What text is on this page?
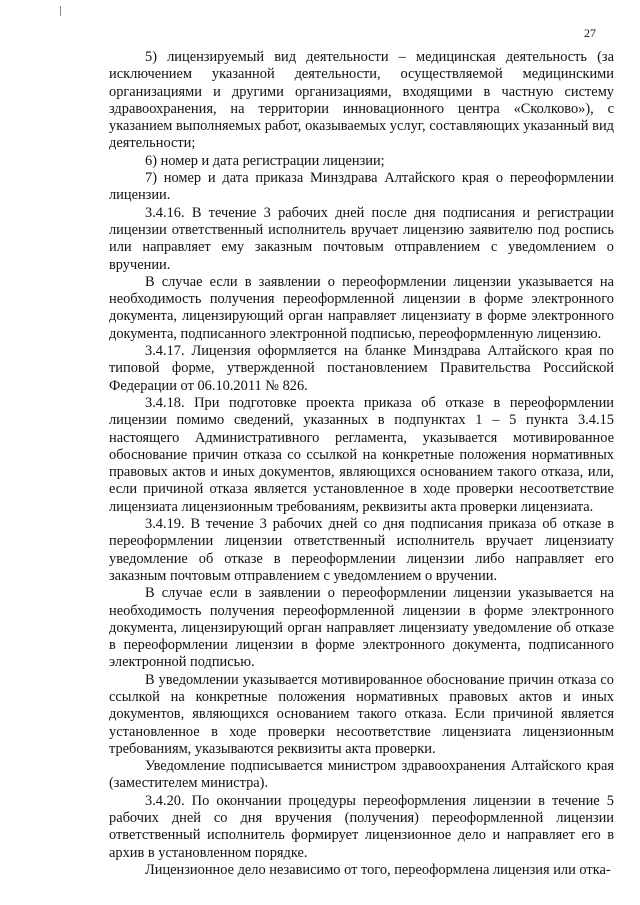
27

5) лицензируемый вид деятельности – медицинская деятельность (за исключением указанной деятельности, осуществляемой медицинскими организациями и другими организациями, входящими в частную систему здравоохранения, на территории инновационного центра «Сколково»), с указанием выполняемых работ, оказываемых услуг, составляющих указанный вид деятельности;

6) номер и дата регистрации лицензии;

7) номер и дата приказа Минздрава Алтайского края о переоформлении лицензии.

3.4.16. В течение 3 рабочих дней после дня подписания и регистрации лицензии ответственный исполнитель вручает лицензию заявителю под роспись или направляет ему заказным почтовым отправлением с уведомлением о вручении.

В случае если в заявлении о переоформлении лицензии указывается на необходимость получения переоформленной лицензии в форме электронного документа, лицензирующий орган направляет лицензиату в форме электронного документа, подписанного электронной подписью, переоформленную лицензию.

3.4.17. Лицензия оформляется на бланке Минздрава Алтайского края по типовой форме, утвержденной постановлением Правительства Российской Федерации от 06.10.2011 № 826.

3.4.18. При подготовке проекта приказа об отказе в переоформлении лицензии помимо сведений, указанных в подпунктах 1 – 5 пункта 3.4.15 настоящего Административного регламента, указывается мотивированное обоснование причин отказа со ссылкой на конкретные положения нормативных правовых актов и иных документов, являющихся основанием такого отказа, или, если причиной отказа является установленное в ходе проверки несоответствие лицензиата лицензионным требованиям, реквизиты акта проверки лицензиата.

3.4.19. В течение 3 рабочих дней со дня подписания приказа об отказе в переоформлении лицензии ответственный исполнитель вручает лицензиату уведомление об отказе в переоформлении лицензии либо направляет его заказным почтовым отправлением с уведомлением о вручении.

В случае если в заявлении о переоформлении лицензии указывается на необходимость получения переоформленной лицензии в форме электронного документа, лицензирующий орган направляет лицензиату уведомление об отказе в переоформлении лицензии в форме электронного документа, подписанного электронной подписью.

В уведомлении указывается мотивированное обоснование причин отказа со ссылкой на конкретные положения нормативных правовых актов и иных документов, являющихся основанием такого отказа. Если причиной является установленное в ходе проверки несоответствие лицензиата лицензионным требованиям, указываются реквизиты акта проверки.

Уведомление подписывается министром здравоохранения Алтайского края (заместителем министра).

3.4.20. По окончании процедуры переоформления лицензии в течение 5 рабочих дней со дня вручения (получения) переоформленной лицензии ответственный исполнитель формирует лицензионное дело и направляет его в архив в установленном порядке.

Лицензионное дело независимо от того, переоформлена лицензия или отка-
